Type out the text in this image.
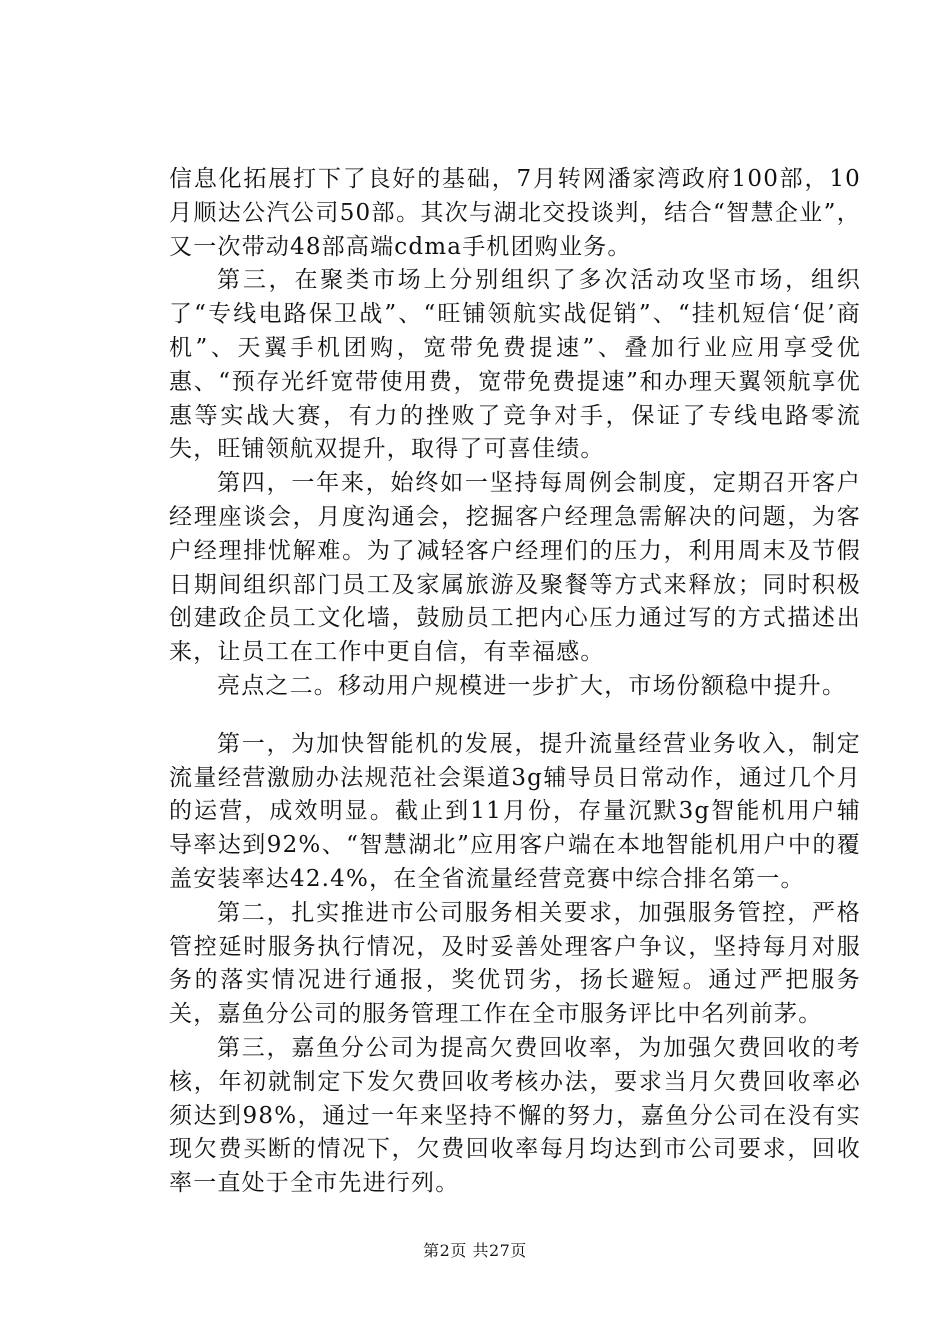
信息化拓展打下了良好的基础，7月转网潘家湾政府100部，10月顺达公汽公司50部。其次与湖北交投谈判，结合“智慧企业”，又一次带动48部高端cdma手机团购业务。

第三，在聚类市场上分别组织了多次活动攻坚市场，组织了“专线电路保卫战”、“旺铺领航实战促销”、“挂机短信‘促’商机”、天翼手机团购，宽带免费提速”、叠加行业应用享受优惠、“预存光纤宽带使用费，宽带免费提速”和办理天翼领航享优惠等实战大赛，有力的挫败了竞争对手，保证了专线电路零流失，旺铺领航双提升，取得了可喜佳绩。

第四，一年来，始终如一坚持每周例会制度，定期召开客户经理座谈会，月度沟通会，挖掘客户经理急需解决的问题，为客户经理排忧解难。为了减轻客户经理们的压力，利用周末及节假日期间组织部门员工及家属旅游及聚餐等方式来释放；同时积极创建政企员工文化墙，鼓励员工把内心压力通过写的方式描述出来，让员工在工作中更自信，有幸福感。

亮点之二。移动用户规模进一步扩大，市场份额稳中提升。

第一，为加快智能机的发展，提升流量经营业务收入，制定流量经营激励办法规范社会渠道3g辅导员日常动作，通过几个月的运营，成效明显。截止到11月份，存量沉默3g智能机用户辅导率达到92%、“智慧湖北”应用客户端在本地智能机用户中的覆盖安装率达42.4%，在全省流量经营竞赛中综合排名第一。

第二，扎实推进市公司服务相关要求，加强服务管控，严格管控延时服务执行情况，及时妥善处理客户争议，坚持每月对服务的落实情况进行通报，奖优罚劣，扬长避短。通过严把服务关，嘉鱼分公司的服务管理工作在全市服务评比中名列前茅。

第三，嘉鱼分公司为提高欠费回收率，为加强欠费回收的考核，年初就制定下发欠费回收考核办法，要求当月欠费回收率必须达到98%，通过一年来坚持不懈的努力，嘉鱼分公司在没有实现欠费买断的情况下，欠费回收率每月均达到市公司要求，回收率一直处于全市先进行列。

第2页 共27页
